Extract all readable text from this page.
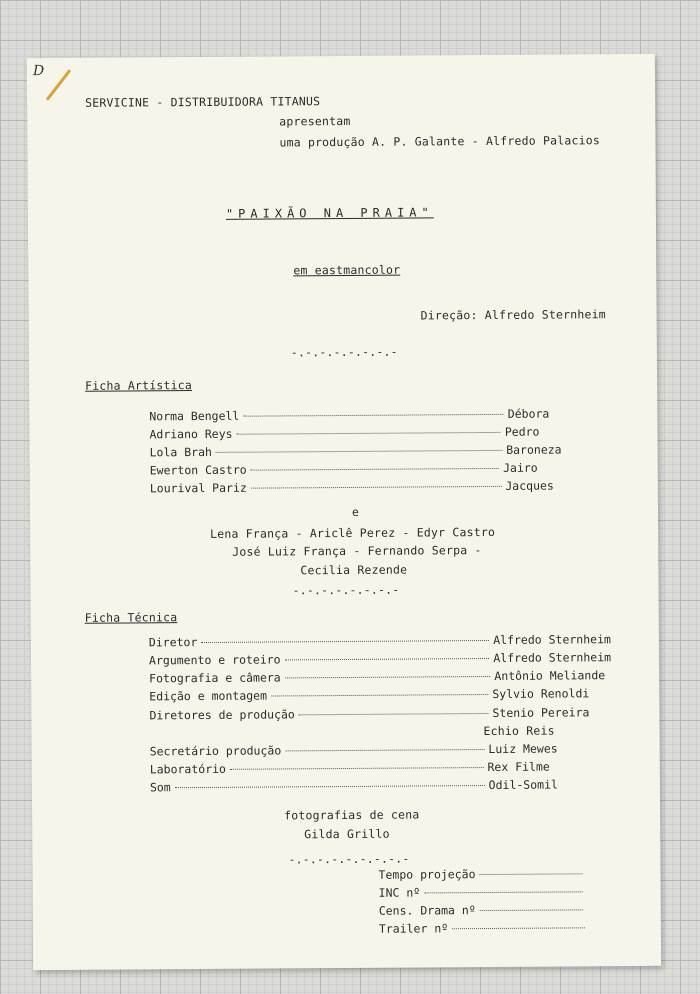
D
SERVICINE - DISTRIBUIDORA TITANUS
apresentam
uma produção A. P. Galante - Alfredo Palacios
"PAIXÃO NA PRAIA"
em eastmancolor
Direção: Alfredo Sternheim
-.-.-.-.-.-.-.-
Ficha Artística
Norma Bengell	Débora
Adriano Reys	Pedro
Lola Brah	Baroneza
Ewerton Castro	Jairo
Lourival Pariz	Jacques
e
Lena França - Ariclê Perez - Edyr Castro
José Luiz França - Fernando Serpa -
Cecilia Rezende
-.-.-.-.-.-.-.-
Ficha Técnica
Diretor	Alfredo Sternheim
Argumento e roteiro	Alfredo Sternheim
Fotografia e câmera	Antônio Meliande
Edição e montagem	Sylvio Renoldi
Diretores de produção	Stenio Pereira
Echio Reis
Secretário produção	Luiz Mewes
Laboratório	Rex Filme
Som	Odil-Somil
fotografias de cena
Gilda Grillo
-.-.-.-.-.-.-.-.-
Tempo projeção
INC nº
Cens. Drama nº
Trailer nº
